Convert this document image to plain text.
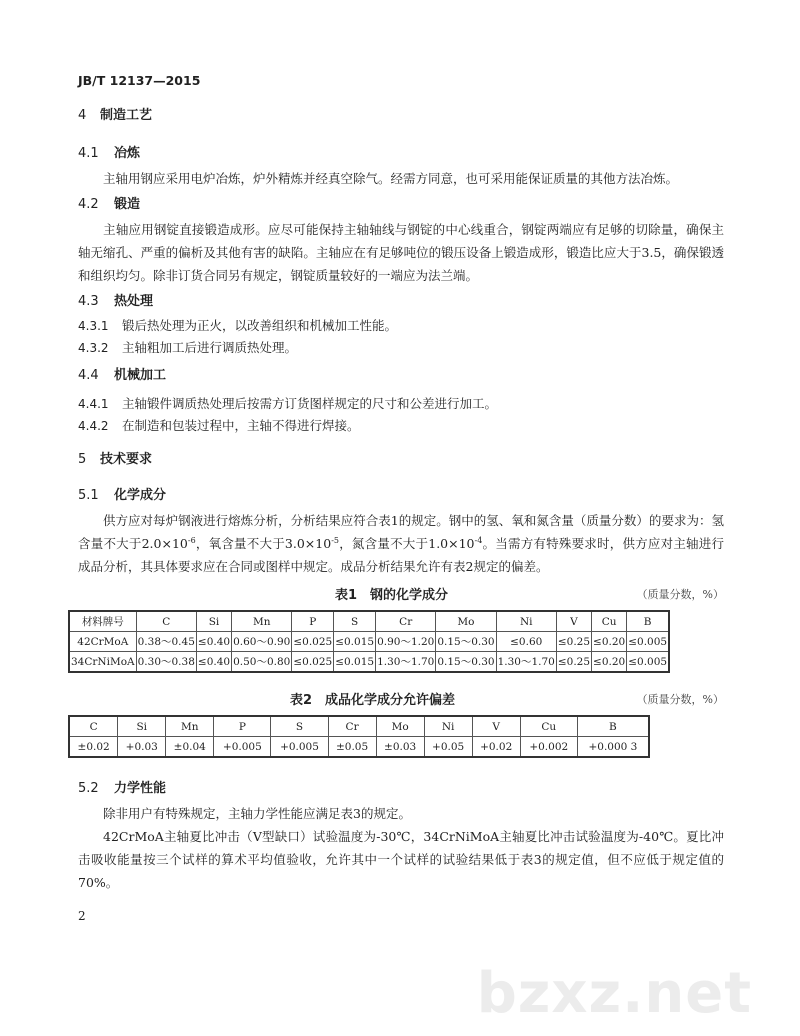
JB/T 12137—2015
4 制造工艺
4.1 冶炼
主轴用钢应采用电炉冶炼，炉外精炼并经真空除气。经需方同意，也可采用能保证质量的其他方法冶炼。
4.2 锻造
主轴应用钢锭直接锻造成形。应尽可能保持主轴轴线与钢锭的中心线重合，钢锭两端应有足够的切除量，确保主轴无缩孔、严重的偏析及其他有害的缺陷。主轴应在有足够吨位的锻压设备上锻造成形，锻造比应大于3.5，确保锻透和组织均匀。除非订货合同另有规定，钢锭质量较好的一端应为法兰端。
4.3 热处理
4.3.1 锻后热处理为正火，以改善组织和机械加工性能。
4.3.2 主轴粗加工后进行调质热处理。
4.4 机械加工
4.4.1 主轴锻件调质热处理后按需方订货图样规定的尺寸和公差进行加工。
4.4.2 在制造和包装过程中，主轴不得进行焊接。
5 技术要求
5.1 化学成分
供方应对每炉钢液进行熔炼分析，分析结果应符合表1的规定。钢中的氢、氧和氮含量（质量分数）的要求为：氢含量不大于$2.0\times 10^{-6}$，氧含量不大于$3.0\times 10^{-5}$，氮含量不大于$1.0\times 10^{-4}$。当需方有特殊要求时，供方应对主轴进行成品分析，其具体要求应在合同或图样中规定。成品分析结果允许有表2规定的偏差。
表1　钢的化学成分	（质量分数，%）
材料牌号	C	Si	Mn	P	S	Cr	Mo	Ni	V	Cu	B
42CrMoA	0.38～0.45	≤0.40	0.60～0.90	≤0.025	≤0.015	0.90～1.20	0.15～0.30	≤0.60	≤0.25	≤0.20	≤0.005
34CrNiMoA	0.30～0.38	≤0.40	0.50～0.80	≤0.025	≤0.015	1.30～1.70	0.15～0.30	1.30～1.70	≤0.25	≤0.20	≤0.005
表2　成品化学成分允许偏差	（质量分数，%）
C	Si	Mn	P	S	Cr	Mo	Ni	V	Cu	B
±0.02	+0.03	±0.04	+0.005	+0.005	±0.05	±0.03	+0.05	+0.02	+0.002	+0.000 3
5.2 力学性能
除非用户有特殊规定，主轴力学性能应满足表3的规定。
42CrMoA主轴夏比冲击（V型缺口）试验温度为-30℃，34CrNiMoA主轴夏比冲击试验温度为-40℃。夏比冲击吸收能量按三个试样的算术平均值验收，允许其中一个试样的试验结果低于表3的规定值，但不应低于规定值的70%。
2
bzxz.net
